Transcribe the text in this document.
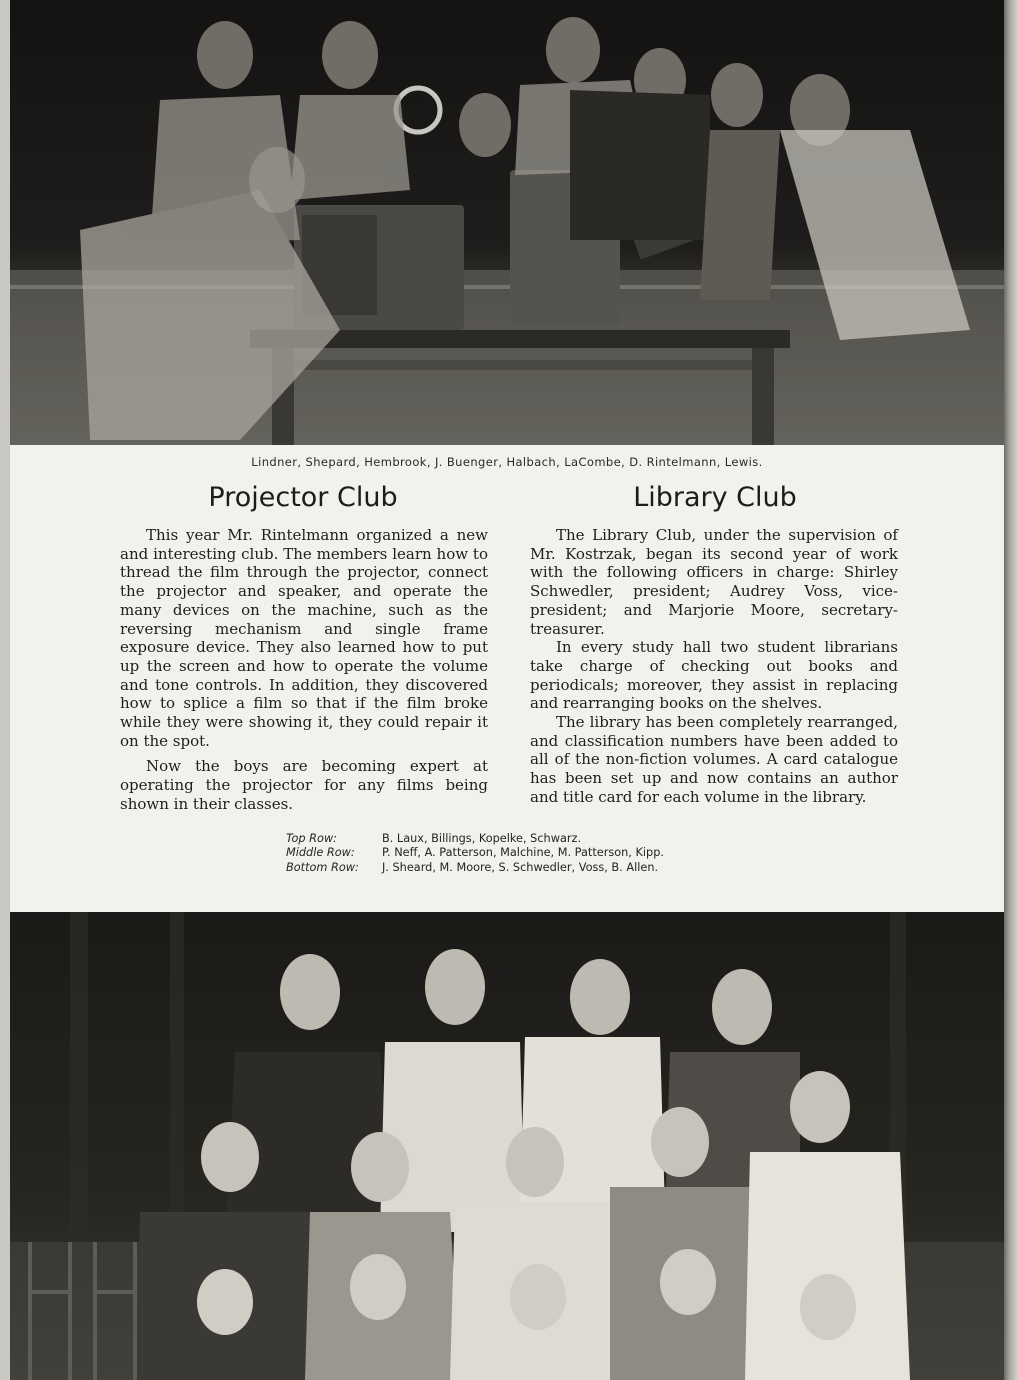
Lindner, Shepard, Hembrook, J. Buenger, Halbach, LaCombe, D. Rintelmann, Lewis.
Projector Club

This year Mr. Rintelmann organized a new and interesting club. The members learn how to thread the film through the projector, connect the projector and speaker, and operate the many devices on the machine, such as the reversing mechanism and single frame exposure device. They also learned how to put up the screen and how to operate the volume and tone controls. In addition, they discovered how to splice a film so that if the film broke while they were showing it, they could repair it on the spot.

Now the boys are becoming expert at operating the projector for any films being shown in their classes.

Library Club

The Library Club, under the supervision of Mr. Kostrzak, began its second year of work with the following officers in charge: Shirley Schwedler, president; Audrey Voss, vice-president; and Marjorie Moore, secretary-treasurer.

In every study hall two student librarians take charge of checking out books and periodicals; moreover, they assist in replacing and rearranging books on the shelves.

The library has been completely rearranged, and classification numbers have been added to all of the non-fiction volumes. A card catalogue has been set up and now contains an author and title card for each volume in the library.

Top Row:	B. Laux, Billings, Kopelke, Schwarz.
Middle Row:	P. Neff, A. Patterson, Malchine, M. Patterson, Kipp.
Bottom Row:	J. Sheard, M. Moore, S. Schwedler, Voss, B. Allen.
